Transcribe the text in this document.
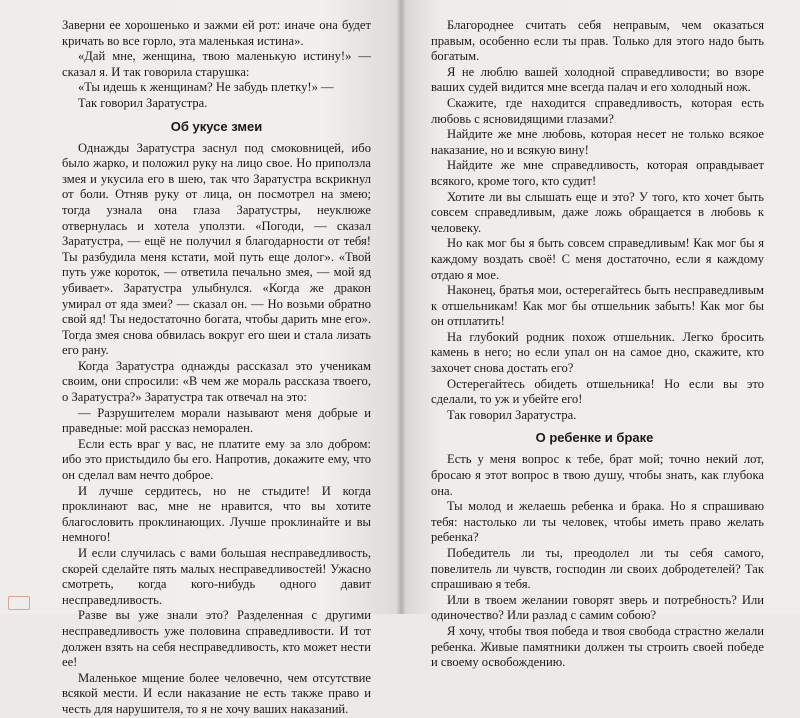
Заверни ее хорошенько и зажми ей рот: иначе она будет кричать во все горло, эта маленькая истина».

«Дай мне, женщина, твою маленькую истину!» — сказал я. И так говорила старушка:

«Ты идешь к женщинам? Не забудь плетку!» —

Так говорил Заратустра.

Об укусе змеи

Однажды Заратустра заснул под смоковницей, ибо было жарко, и положил руку на лицо свое. Но приползла змея и укусила его в шею, так что Заратустра вскрикнул от боли. Отняв руку от лица, он посмотрел на змею; тогда узнала она глаза Заратустры, неуклюже отвернулась и хотела уползти. «Погоди, — сказал Заратустра, — ещё не получил я благодарности от тебя! Ты разбудила меня кстати, мой путь еще долог». «Твой путь уже короток, — ответила печально змея, — мой яд убивает». Заратустра улыбнулся. «Когда же дракон умирал от яда змеи? — сказал он. — Но возьми обратно свой яд! Ты недостаточно богата, чтобы дарить мне его». Тогда змея снова обвилась вокруг его шеи и стала лизать его рану.

Когда Заратустра однажды рассказал это ученикам своим, они спросили: «В чем же мораль рассказа твоего, о Заратустра?» Заратустра так отвечал на это:

— Разрушителем морали называют меня добрые и праведные: мой рассказ неморален.

Если есть враг у вас, не платите ему за зло добром: ибо это пристыдило бы его. Напротив, докажите ему, что он сделал вам нечто доброе.

И лучше сердитесь, но не стыдите! И когда проклинают вас, мне не нравится, что вы хотите благословить проклинающих. Лучше проклинайте и вы немного!

И если случилась с вами большая несправедливость, скорей сделайте пять малых несправедливостей! Ужасно смотреть, когда кого-нибудь одного давит несправедливость.

Разве вы уже знали это? Разделенная с другими несправедливость уже половина справедливости. И тот должен взять на себя несправедливость, кто может нести ее!

Маленькое мщение более человечно, чем отсутствие всякой мести. И если наказание не есть также право и честь для нарушителя, то я не хочу ваших наказаний.

Благороднее считать себя неправым, чем оказаться правым, особенно если ты прав. Только для этого надо быть богатым.

Я не люблю вашей холодной справедливости; во взоре ваших судей видится мне всегда палач и его холодный нож.

Скажите, где находится справедливость, которая есть любовь с ясновидящими глазами?

Найдите же мне любовь, которая несет не только всякое наказание, но и всякую вину!

Найдите же мне справедливость, которая оправдывает всякого, кроме того, кто судит!

Хотите ли вы слышать еще и это? У того, кто хочет быть совсем справедливым, даже ложь обращается в любовь к человеку.

Но как мог бы я быть совсем справедливым! Как мог бы я каждому воздать своё! С меня достаточно, если я каждому отдаю я мое.

Наконец, братья мои, остерегайтесь быть несправедливым к отшельникам! Как мог бы отшельник забыть! Как мог бы он отплатить!

На глубокий родник похож отшельник. Легко бросить камень в него; но если упал он на самое дно, скажите, кто захочет снова достать его?

Остерегайтесь обидеть отшельника! Но если вы это сделали, то уж и убейте его!

Так говорил Заратустра.

О ребенке и браке

Есть у меня вопрос к тебе, брат мой; точно некий лот, бросаю я этот вопрос в твою душу, чтобы знать, как глубока она.

Ты молод и желаешь ребенка и брака. Но я спрашиваю тебя: настолько ли ты человек, чтобы иметь право желать ребенка?

Победитель ли ты, преодолел ли ты себя самого, повелитель ли чувств, господин ли своих добродетелей? Так спрашиваю я тебя.

Или в твоем желании говорят зверь и потребность? Или одиночество? Или разлад с самим собою?

Я хочу, чтобы твоя победа и твоя свобода страстно желали ребенка. Живые памятники должен ты строить своей победе и своему освобождению.
